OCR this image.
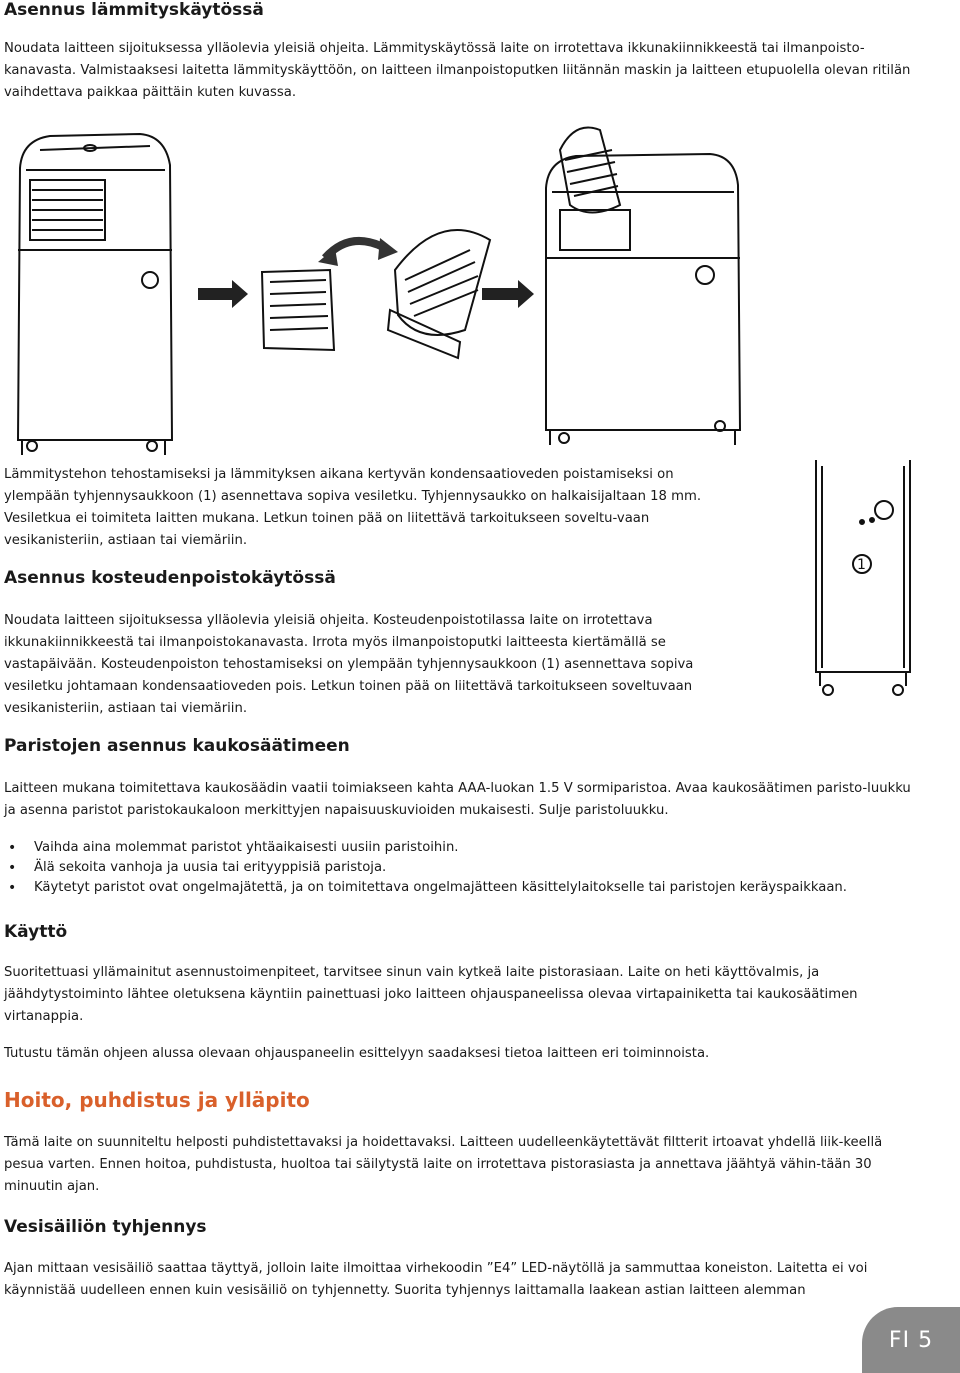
Asennus lämmityskäytössä

Noudata laitteen sijoituksessa ylläolevia yleisiä ohjeita. Lämmityskäytössä laite on irrotettava ikkunakiinnikkeestä tai ilmanpoisto-kanavasta. Valmistaaksesi laitetta lämmityskäyttöön, on laitteen ilmanpoistoputken liitännän maskin ja laitteen etupuolella olevan ritilän vaihdettava paikkaa päittäin kuten kuvassa.

Lämmitystehon tehostamiseksi ja lämmityksen aikana kertyvän kondensaatioveden poistamiseksi on ylempään tyhjennysaukkoon (1) asennettava sopiva vesiletku. Tyhjennysaukko on halkaisijaltaan 18 mm. Vesiletkua ei toimiteta laitten mukana. Letkun toinen pää on liitettävä tarkoitukseen soveltu-vaan vesikanisteriin, astiaan tai viemäriin.

1
Asennus kosteudenpoistokäytössä

Noudata laitteen sijoituksessa ylläolevia yleisiä ohjeita. Kosteudenpoistotilassa laite on irrotettava ikkunakiinnikkeestä tai ilmanpoistokanavasta. Irrota myös ilmanpoistoputki laitteesta kiertämällä se vastapäivään. Kosteudenpoiston tehostamiseksi on ylempään tyhjennysaukkoon (1) asennettava sopiva vesiletku johtamaan kondensaatioveden pois. Letkun toinen pää on liitettävä tarkoitukseen soveltuvaan vesikanisteriin, astiaan tai viemäriin.

Paristojen asennus kaukosäätimeen

Laitteen mukana toimitettava kaukosäädin vaatii toimiakseen kahta AAA-luokan 1.5 V sormiparistoa. Avaa kaukosäätimen paristo-luukku ja asenna paristot paristokaukaloon merkittyjen napaisuuskuvioiden mukaisesti. Sulje paristoluukku.

• Vaihda aina molemmat paristot yhtäaikaisesti uusiin paristoihin.
• Älä sekoita vanhoja ja uusia tai erityyppisiä paristoja.
• Käytetyt paristot ovat ongelmajätettä, ja on toimitettava ongelmajätteen käsittelylaitokselle tai paristojen keräyspaikkaan.
Käyttö

Suoritettuasi yllämainitut asennustoimenpiteet, tarvitsee sinun vain kytkeä laite pistorasiaan. Laite on heti käyttövalmis, ja jäähdytystoiminto lähtee oletuksena käyntiin painettuasi joko laitteen ohjauspaneelissa olevaa virtapainiketta tai kaukosäätimen virtanappia.

Tutustu tämän ohjeen alussa olevaan ohjauspaneelin esittelyyn saadaksesi tietoa laitteen eri toiminnoista.

Hoito, puhdistus ja ylläpito

Tämä laite on suunniteltu helposti puhdistettavaksi ja hoidettavaksi. Laitteen uudelleenkäytettävät filtterit irtoavat yhdellä liik-keellä pesua varten. Ennen hoitoa, puhdistusta, huoltoa tai säilytystä laite on irrotettava pistorasiasta ja annettava jäähtyä vähin-tään 30 minuutin ajan.

Vesisäiliön tyhjennys

Ajan mittaan vesisäiliö saattaa täyttyä, jolloin laite ilmoittaa virhekoodin ”E4” LED-näytöllä ja sammuttaa koneiston. Laitetta ei voi käynnistää uudelleen ennen kuin vesisäiliö on tyhjennetty. Suorita tyhjennys laittamalla laakean astian laitteen alemman

FI
5
